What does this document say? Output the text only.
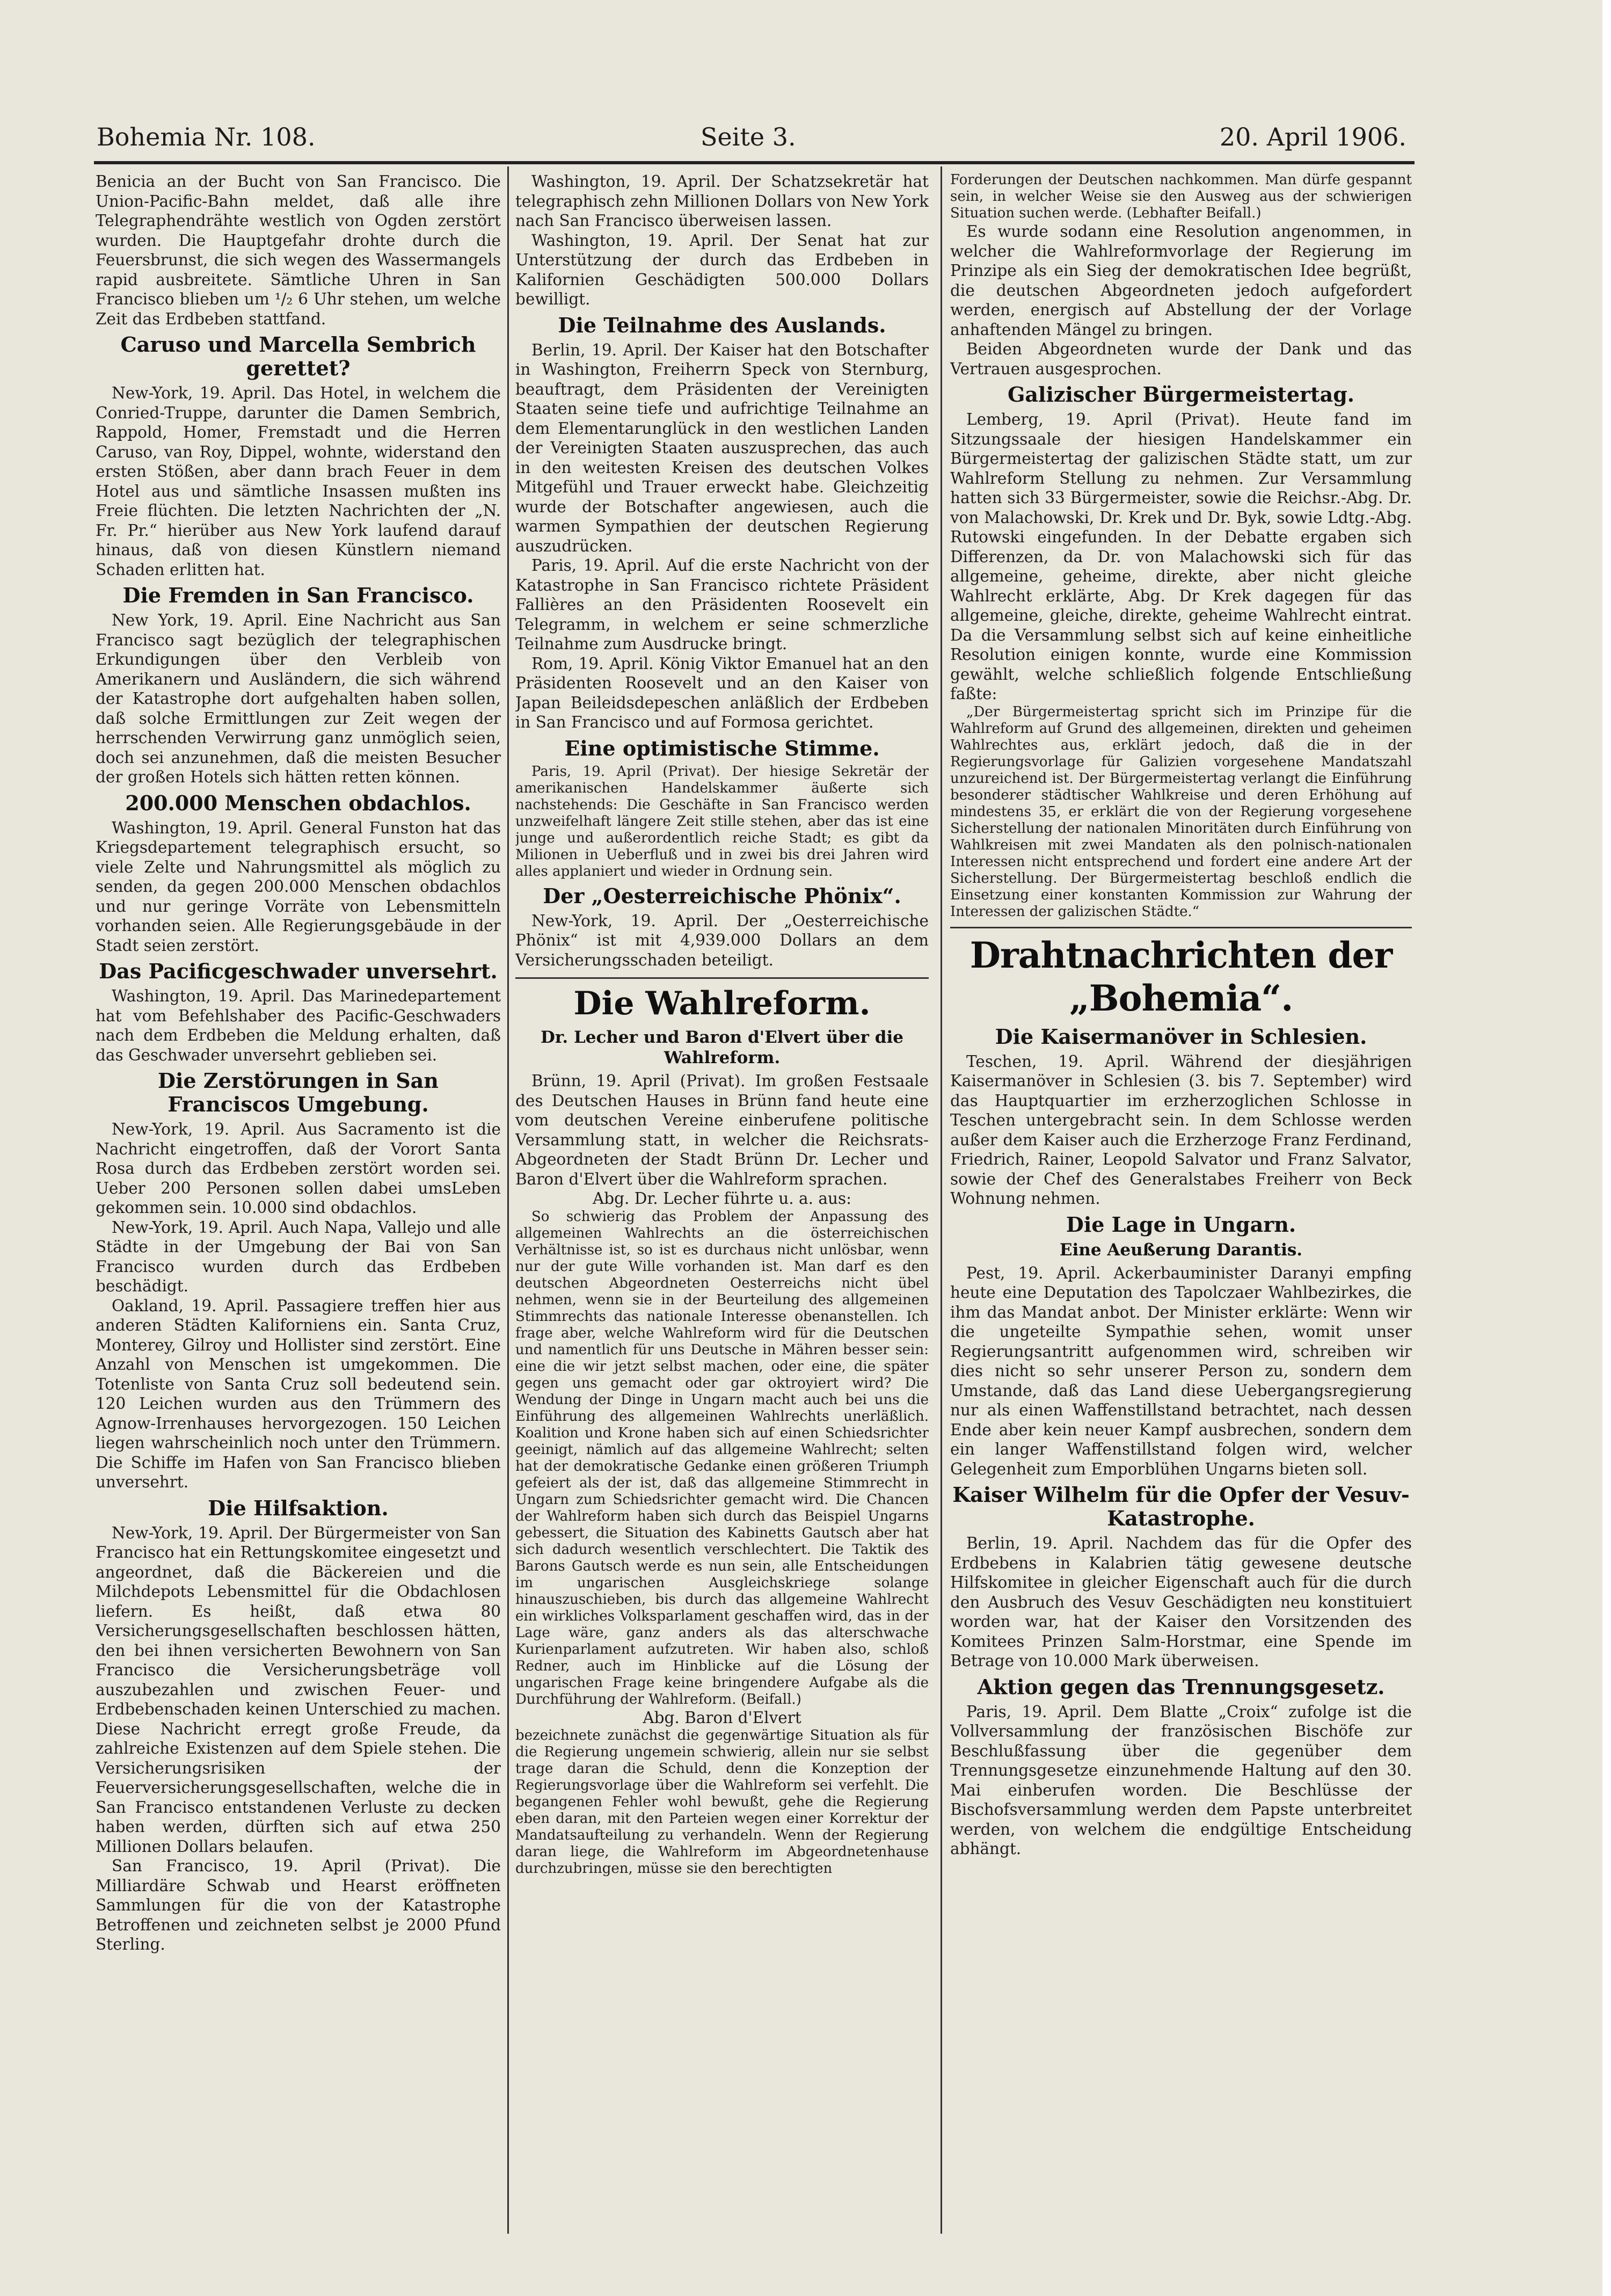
Bohemia Nr. 108.	Seite 3.	20. April 1906.

Benicia an der Bucht von San Francisco. Die Union-Pacific-Bahn meldet, daß alle ihre Telegraphendrähte westlich von Ogden zerstört wurden. Die Hauptgefahr drohte durch die Feuersbrunst, die sich wegen des Wassermangels rapid ausbreitete. Sämtliche Uhren in San Francisco blieben um ¹/₂ 6 Uhr stehen, um welche Zeit das Erdbeben stattfand.

Caruso und Marcella Sembrich gerettet?

New-York, 19. April. Das Hotel, in welchem die Conried-Truppe, darunter die Damen Sembrich, Rappold, Homer, Fremstadt und die Herren Caruso, van Roy, Dippel, wohnte, widerstand den ersten Stößen, aber dann brach Feuer in dem Hotel aus und sämtliche Insassen mußten ins Freie flüchten. Die letzten Nachrichten der „N. Fr. Pr.“ hierüber aus New York laufend darauf hinaus, daß von diesen Künstlern niemand Schaden erlitten hat.

Die Fremden in San Francisco.

New York, 19. April. Eine Nachricht aus San Francisco sagt bezüglich der telegraphischen Erkundigungen über den Verbleib von Amerikanern und Ausländern, die sich während der Katastrophe dort aufgehalten haben sollen, daß solche Ermittlungen zur Zeit wegen der herrschenden Verwirrung ganz unmöglich seien, doch sei anzunehmen, daß die meisten Besucher der großen Hotels sich hätten retten können.

200.000 Menschen obdachlos.

Washington, 19. April. General Funston hat das Kriegsdepartement telegraphisch ersucht, so viele Zelte und Nahrungsmittel als möglich zu senden, da gegen 200.000 Menschen obdachlos und nur geringe Vorräte von Lebensmitteln vorhanden seien. Alle Regierungsgebäude in der Stadt seien zerstört.

Das Pacificgeschwader unversehrt.

Washington, 19. April. Das Marinedepartement hat vom Befehlshaber des Pacific-Geschwaders nach dem Erdbeben die Meldung erhalten, daß das Geschwader unversehrt geblieben sei.

Die Zerstörungen in San Franciscos Umgebung.

New-York, 19. April. Aus Sacramento ist die Nachricht eingetroffen, daß der Vorort Santa Rosa durch das Erdbeben zerstört worden sei. Ueber 200 Personen sollen dabei umsLeben gekommen sein. 10.000 sind obdachlos.

New-York, 19. April. Auch Napa, Vallejo und alle Städte in der Umgebung der Bai von San Francisco wurden durch das Erdbeben beschädigt.

Oakland, 19. April. Passagiere treffen hier aus anderen Städten Kaliforniens ein. Santa Cruz, Monterey, Gilroy und Hollister sind zerstört. Eine Anzahl von Menschen ist umgekommen. Die Totenliste von Santa Cruz soll bedeutend sein. 120 Leichen wurden aus den Trümmern des Agnow-Irrenhauses hervorgezogen. 150 Leichen liegen wahrscheinlich noch unter den Trümmern. Die Schiffe im Hafen von San Francisco blieben unversehrt.

Die Hilfsaktion.

New-York, 19. April. Der Bürgermeister von San Francisco hat ein Rettungskomitee eingesetzt und angeordnet, daß die Bäckereien und die Milchdepots Lebensmittel für die Obdachlosen liefern. Es heißt, daß etwa 80 Versicherungsgesellschaften beschlossen hätten, den bei ihnen versicherten Bewohnern von San Francisco die Versicherungsbeträge voll auszubezahlen und zwischen Feuer- und Erdbebenschaden keinen Unterschied zu machen. Diese Nachricht erregt große Freude, da zahlreiche Existenzen auf dem Spiele stehen. Die Versicherungsrisiken der Feuerversicherungsgesellschaften, welche die in San Francisco entstandenen Verluste zu decken haben werden, dürften sich auf etwa 250 Millionen Dollars belaufen.

San Francisco, 19. April (Privat). Die Milliardäre Schwab und Hearst eröffneten Sammlungen für die von der Katastrophe Betroffenen und zeichneten selbst je 2000 Pfund Sterling.

Washington, 19. April. Der Schatzsekretär hat telegraphisch zehn Millionen Dollars von New York nach San Francisco überweisen lassen.

Washington, 19. April. Der Senat hat zur Unterstützung der durch das Erdbeben in Kalifornien Geschädigten 500.000 Dollars bewilligt.

Die Teilnahme des Auslands.

Berlin, 19. April. Der Kaiser hat den Botschafter in Washington, Freiherrn Speck von Sternburg, beauftragt, dem Präsidenten der Vereinigten Staaten seine tiefe und aufrichtige Teilnahme an dem Elementarunglück in den westlichen Landen der Vereinigten Staaten auszusprechen, das auch in den weitesten Kreisen des deutschen Volkes Mitgefühl und Trauer erweckt habe. Gleichzeitig wurde der Botschafter angewiesen, auch die warmen Sympathien der deutschen Regierung auszudrücken.

Paris, 19. April. Auf die erste Nachricht von der Katastrophe in San Francisco richtete Präsident Fallières an den Präsidenten Roosevelt ein Telegramm, in welchem er seine schmerzliche Teilnahme zum Ausdrucke bringt.

Rom, 19. April. König Viktor Emanuel hat an den Präsidenten Roosevelt und an den Kaiser von Japan Beileidsdepeschen anläßlich der Erdbeben in San Francisco und auf Formosa gerichtet.

Eine optimistische Stimme.

Paris, 19. April (Privat). Der hiesige Sekretär der amerikanischen Handelskammer äußerte sich nachstehends: Die Geschäfte in San Francisco werden unzweifelhaft längere Zeit stille stehen, aber das ist eine junge und außerordentlich reiche Stadt; es gibt da Milionen in Ueberfluß und in zwei bis drei Jahren wird alles applaniert und wieder in Ordnung sein.

Der „Oesterreichische Phönix“.

New-York, 19. April. Der „Oesterreichische Phönix“ ist mit 4,939.000 Dollars an dem Versicherungsschaden beteiligt.

Die Wahlreform.
Dr. Lecher und Baron d'Elvert über die Wahlreform.

Brünn, 19. April (Privat). Im großen Festsaale des Deutschen Hauses in Brünn fand heute eine vom deutschen Vereine einberufene politische Versammlung statt, in welcher die Reichsrats-Abgeordneten der Stadt Brünn Dr. Lecher und Baron d'Elvert über die Wahlreform sprachen.

Abg. Dr. Lecher führte u. a. aus:

So schwierig das Problem der Anpassung des allgemeinen Wahlrechts an die österreichischen Verhältnisse ist, so ist es durchaus nicht unlösbar, wenn nur der gute Wille vorhanden ist. Man darf es den deutschen Abgeordneten Oesterreichs nicht übel nehmen, wenn sie in der Beurteilung des allgemeinen Stimmrechts das nationale Interesse obenanstellen. Ich frage aber, welche Wahlreform wird für die Deutschen und namentlich für uns Deutsche in Mähren besser sein: eine die wir jetzt selbst machen, oder eine, die später gegen uns gemacht oder gar oktroyiert wird? Die Wendung der Dinge in Ungarn macht auch bei uns die Einführung des allgemeinen Wahlrechts unerläßlich. Koalition und Krone haben sich auf einen Schiedsrichter geeinigt, nämlich auf das allgemeine Wahlrecht; selten hat der demokratische Gedanke einen größeren Triumph gefeiert als der ist, daß das allgemeine Stimmrecht in Ungarn zum Schiedsrichter gemacht wird. Die Chancen der Wahlreform haben sich durch das Beispiel Ungarns gebessert, die Situation des Kabinetts Gautsch aber hat sich dadurch wesentlich verschlechtert. Die Taktik des Barons Gautsch werde es nun sein, alle Entscheidungen im ungarischen Ausgleichskriege solange hinauszuschieben, bis durch das allgemeine Wahlrecht ein wirkliches Volksparlament geschaffen wird, das in der Lage wäre, ganz anders als das alterschwache Kurienparlament aufzutreten. Wir haben also, schloß Redner, auch im Hinblicke auf die Lösung der ungarischen Frage keine bringendere Aufgabe als die Durchführung der Wahlreform. (Beifall.)

Abg. Baron d'Elvert

bezeichnete zunächst die gegenwärtige Situation als für die Regierung ungemein schwierig, allein nur sie selbst trage daran die Schuld, denn die Konzeption der Regierungsvorlage über die Wahlreform sei verfehlt. Die begangenen Fehler wohl bewußt, gehe die Regierung eben daran, mit den Parteien wegen einer Korrektur der Mandatsaufteilung zu verhandeln. Wenn der Regierung daran liege, die Wahlreform im Abgeordnetenhause durchzubringen, müsse sie den berechtigten

Forderungen der Deutschen nachkommen. Man dürfe gespannt sein, in welcher Weise sie den Ausweg aus der schwierigen Situation suchen werde. (Lebhafter Beifall.)

Es wurde sodann eine Resolution angenommen, in welcher die Wahlreformvorlage der Regierung im Prinzipe als ein Sieg der demokratischen Idee begrüßt, die deutschen Abgeordneten jedoch aufgefordert werden, energisch auf Abstellung der der Vorlage anhaftenden Mängel zu bringen.

Beiden Abgeordneten wurde der Dank und das Vertrauen ausgesprochen.

Galizischer Bürgermeistertag.

Lemberg, 19. April (Privat). Heute fand im Sitzungssaale der hiesigen Handelskammer ein Bürgermeistertag der galizischen Städte statt, um zur Wahlreform Stellung zu nehmen. Zur Versammlung hatten sich 33 Bürgermeister, sowie die Reichsr.-Abg. Dr. von Malachowski, Dr. Krek und Dr. Byk, sowie Ldtg.-Abg. Rutowski eingefunden. In der Debatte ergaben sich Differenzen, da Dr. von Malachowski sich für das allgemeine, geheime, direkte, aber nicht gleiche Wahlrecht erklärte, Abg. Dr Krek dagegen für das allgemeine, gleiche, direkte, geheime Wahlrecht eintrat. Da die Versammlung selbst sich auf keine einheitliche Resolution einigen konnte, wurde eine Kommission gewählt, welche schließlich folgende Entschließung faßte:

„Der Bürgermeistertag spricht sich im Prinzipe für die Wahlreform auf Grund des allgemeinen, direkten und geheimen Wahlrechtes aus, erklärt jedoch, daß die in der Regierungsvorlage für Galizien vorgesehene Mandatszahl unzureichend ist. Der Bürgermeistertag verlangt die Einführung besonderer städtischer Wahlkreise und deren Erhöhung auf mindestens 35, er erklärt die von der Regierung vorgesehene Sicherstellung der nationalen Minoritäten durch Einführung von Wahlkreisen mit zwei Mandaten als den polnisch-nationalen Interessen nicht entsprechend und fordert eine andere Art der Sicherstellung. Der Bürgermeistertag beschloß endlich die Einsetzung einer konstanten Kommission zur Wahrung der Interessen der galizischen Städte.“

Drahtnachrichten der „Bohemia“.
Die Kaisermanöver in Schlesien.

Teschen, 19. April. Während der diesjährigen Kaisermanöver in Schlesien (3. bis 7. September) wird das Hauptquartier im erzherzoglichen Schlosse in Teschen untergebracht sein. In dem Schlosse werden außer dem Kaiser auch die Erzherzoge Franz Ferdinand, Friedrich, Rainer, Leopold Salvator und Franz Salvator, sowie der Chef des Generalstabes Freiherr von Beck Wohnung nehmen.

Die Lage in Ungarn.
Eine Aeußerung Darantis.

Pest, 19. April. Ackerbauminister Daranyi empfing heute eine Deputation des Tapolczaer Wahlbezirkes, die ihm das Mandat anbot. Der Minister erklärte: Wenn wir die ungeteilte Sympathie sehen, womit unser Regierungsantritt aufgenommen wird, schreiben wir dies nicht so sehr unserer Person zu, sondern dem Umstande, daß das Land diese Uebergangsregierung nur als einen Waffenstillstand betrachtet, nach dessen Ende aber kein neuer Kampf ausbrechen, sondern dem ein langer Waffenstillstand folgen wird, welcher Gelegenheit zum Emporblühen Ungarns bieten soll.

Kaiser Wilhelm für die Opfer der Vesuv-Katastrophe.

Berlin, 19. April. Nachdem das für die Opfer des Erdbebens in Kalabrien tätig gewesene deutsche Hilfskomitee in gleicher Eigenschaft auch für die durch den Ausbruch des Vesuv Geschädigten neu konstituiert worden war, hat der Kaiser den Vorsitzenden des Komitees Prinzen Salm-Horstmar, eine Spende im Betrage von 10.000 Mark überweisen.

Aktion gegen das Trennungsgesetz.

Paris, 19. April. Dem Blatte „Croix“ zufolge ist die Vollversammlung der französischen Bischöfe zur Beschlußfassung über die gegenüber dem Trennungsgesetze einzunehmende Haltung auf den 30. Mai einberufen worden. Die Beschlüsse der Bischofsversammlung werden dem Papste unterbreitet werden, von welchem die endgültige Entscheidung abhängt.
